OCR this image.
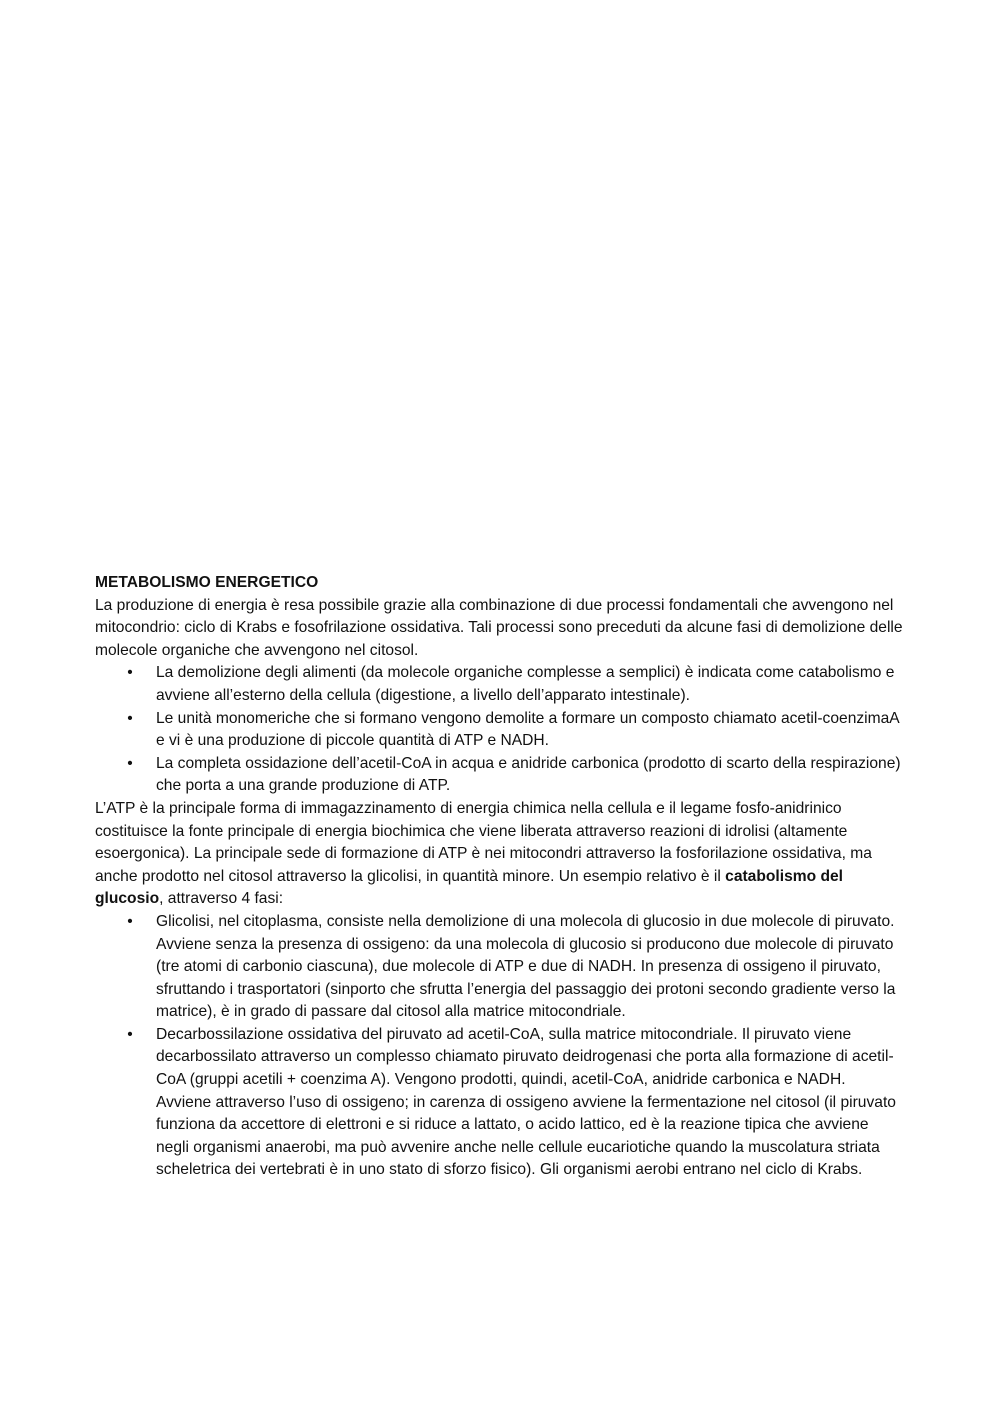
METABOLISMO ENERGETICO

La produzione di energia è resa possibile grazie alla combinazione di due processi fondamentali che avvengono nel mitocondrio: ciclo di Krabs e fosofrilazione ossidativa. Tali processi sono preceduti da alcune fasi di demolizione delle molecole organiche che avvengono nel citosol.

• La demolizione degli alimenti (da molecole organiche complesse a semplici) è indicata come catabolismo e avviene all’esterno della cellula (digestione, a livello dell’apparato intestinale).
• Le unità monomeriche che si formano vengono demolite a formare un composto chiamato acetil-coenzimaA e vi è una produzione di piccole quantità di ATP e NADH.
• La completa ossidazione dell’acetil-CoA in acqua e anidride carbonica (prodotto di scarto della respirazione) che porta a una grande produzione di ATP.

L’ATP è la principale forma di immagazzinamento di energia chimica nella cellula e il legame fosfo-anidrinico costituisce la fonte principale di energia biochimica che viene liberata attraverso reazioni di idrolisi (altamente esoergonica). La principale sede di formazione di ATP è nei mitocondri attraverso la fosforilazione ossidativa, ma anche prodotto nel citosol attraverso la glicolisi, in quantità minore. Un esempio relativo è il catabolismo del glucosio, attraverso 4 fasi:

• Glicolisi, nel citoplasma, consiste nella demolizione di una molecola di glucosio in due molecole di piruvato. Avviene senza la presenza di ossigeno: da una molecola di glucosio si producono due molecole di piruvato (tre atomi di carbonio ciascuna), due molecole di ATP e due di NADH. In presenza di ossigeno il piruvato, sfruttando i trasportatori (sinporto che sfrutta l’energia del passaggio dei protoni secondo gradiente verso la matrice), è in grado di passare dal citosol alla matrice mitocondriale.
• Decarbossilazione ossidativa del piruvato ad acetil-CoA, sulla matrice mitocondriale. Il piruvato viene decarbossilato attraverso un complesso chiamato piruvato deidrogenasi che porta alla formazione di acetil-CoA (gruppi acetili + coenzima A). Vengono prodotti, quindi, acetil-CoA, anidride carbonica e NADH. Avviene attraverso l’uso di ossigeno; in carenza di ossigeno avviene la fermentazione nel citosol (il piruvato funziona da accettore di elettroni e si riduce a lattato, o acido lattico, ed è la reazione tipica che avviene negli organismi anaerobi, ma può avvenire anche nelle cellule eucariotiche quando la muscolatura striata scheletrica dei vertebrati è in uno stato di sforzo fisico). Gli organismi aerobi entrano nel ciclo di Krabs.
